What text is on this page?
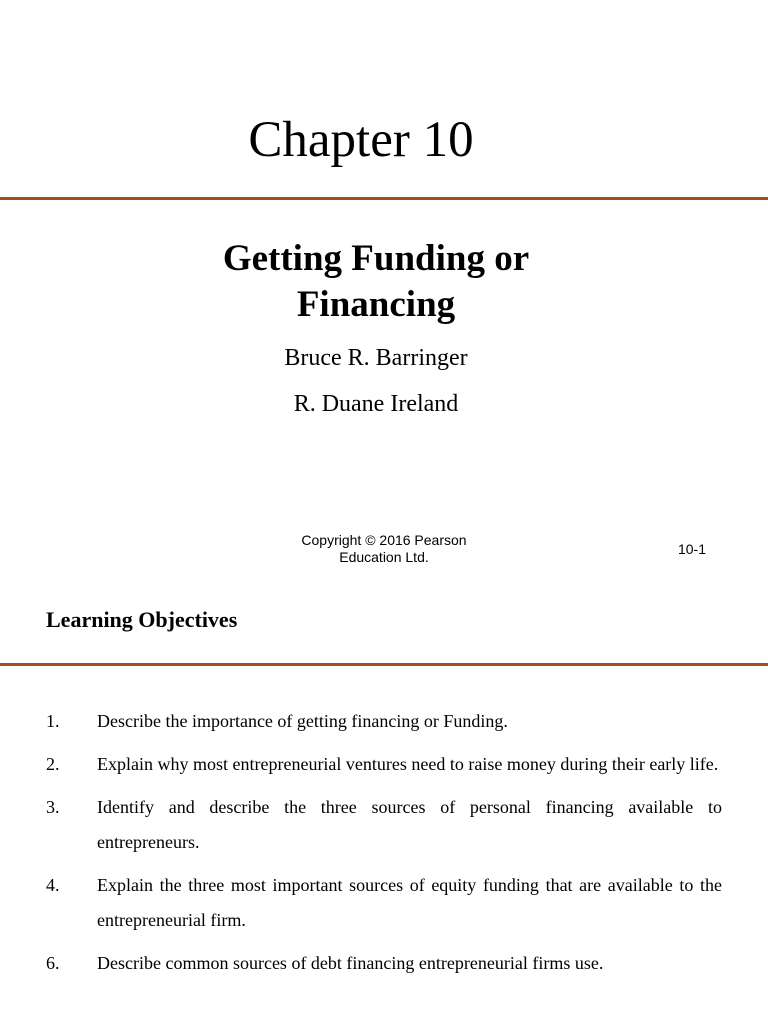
Chapter 10
Getting Funding or
Financing
Bruce R. Barringer
R. Duane Ireland
Copyright © 2016 Pearson
Education Ltd.	10-1
Learning Objectives
1. Describe the importance of getting financing or Funding.
2. Explain why most entrepreneurial ventures need to raise money during their early life.
3. Identify and describe the three sources of personal financing available to entrepreneurs.
4. Explain the three most important sources of equity funding that are available to the entrepreneurial firm.
6. Describe common sources of debt financing entrepreneurial firms use.
